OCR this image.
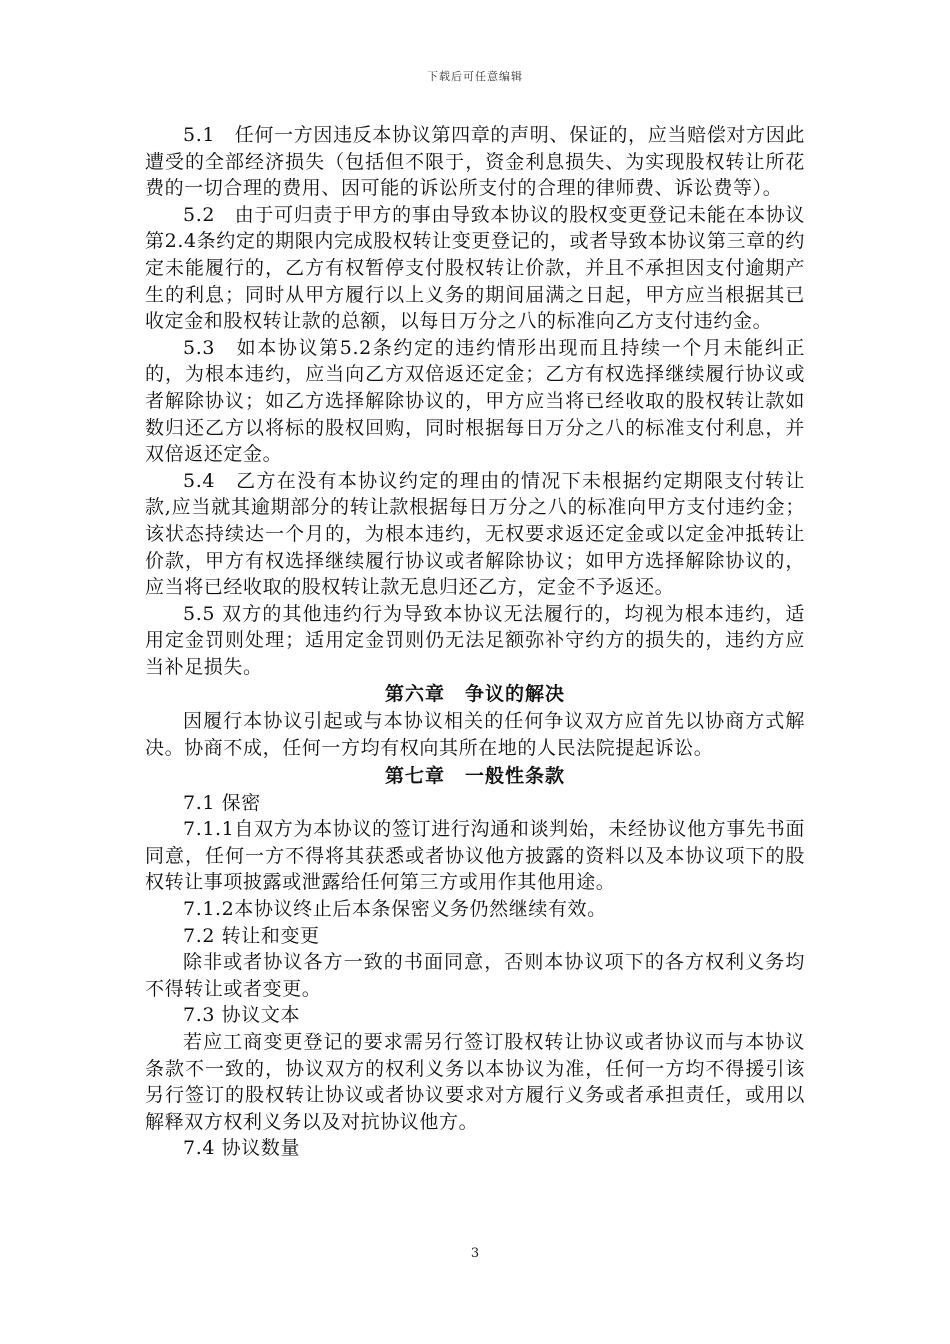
下载后可任意编辑

5.1　任何一方因违反本协议第四章的声明、保证的，应当赔偿对方因此遭受的全部经济损失（包括但不限于，资金利息损失、为实现股权转让所花费的一切合理的费用、因可能的诉讼所支付的合理的律师费、诉讼费等）。

5.2　由于可归责于甲方的事由导致本协议的股权变更登记未能在本协议第2.4条约定的期限内完成股权转让变更登记的，或者导致本协议第三章的约定未能履行的，乙方有权暂停支付股权转让价款，并且不承担因支付逾期产生的利息；同时从甲方履行以上义务的期间届满之日起，甲方应当根据其已收定金和股权转让款的总额，以每日万分之八的标准向乙方支付违约金。

5.3　如本协议第5.2条约定的违约情形出现而且持续一个月未能纠正的，为根本违约，应当向乙方双倍返还定金；乙方有权选择继续履行协议或者解除协议；如乙方选择解除协议的，甲方应当将已经收取的股权转让款如数归还乙方以将标的股权回购，同时根据每日万分之八的标准支付利息，并双倍返还定金。

5.4　乙方在没有本协议约定的理由的情况下未根据约定期限支付转让款,应当就其逾期部分的转让款根据每日万分之八的标准向甲方支付违约金；该状态持续达一个月的，为根本违约，无权要求返还定金或以定金冲抵转让价款，甲方有权选择继续履行协议或者解除协议；如甲方选择解除协议的，应当将已经收取的股权转让款无息归还乙方，定金不予返还。

5.5 双方的其他违约行为导致本协议无法履行的，均视为根本违约，适用定金罚则处理；适用定金罚则仍无法足额弥补守约方的损失的，违约方应当补足损失。

第六章　争议的解决

因履行本协议引起或与本协议相关的任何争议双方应首先以协商方式解决。协商不成，任何一方均有权向其所在地的人民法院提起诉讼。

第七章　一般性条款

7.1 保密

7.1.1自双方为本协议的签订进行沟通和谈判始，未经协议他方事先书面同意，任何一方不得将其获悉或者协议他方披露的资料以及本协议项下的股权转让事项披露或泄露给任何第三方或用作其他用途。

7.1.2本协议终止后本条保密义务仍然继续有效。

7.2 转让和变更

除非或者协议各方一致的书面同意，否则本协议项下的各方权利义务均不得转让或者变更。

7.3 协议文本

若应工商变更登记的要求需另行签订股权转让协议或者协议而与本协议条款不一致的，协议双方的权利义务以本协议为准，任何一方均不得援引该另行签订的股权转让协议或者协议要求对方履行义务或者承担责任，或用以解释双方权利义务以及对抗协议他方。

7.4 协议数量

3
